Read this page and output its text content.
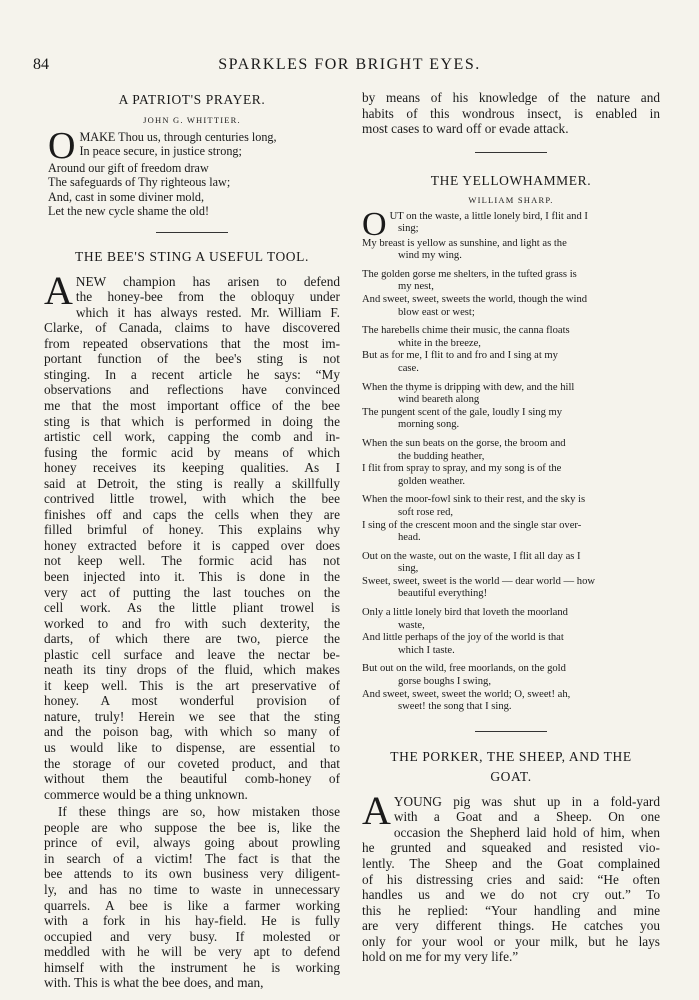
84	SPARKLES FOR BRIGHT EYES.
A PATRIOT'S PRAYER.
JOHN G. WHITTIER.
O MAKE Thou us, through centuries long,
In peace secure, in justice strong;
Around our gift of freedom draw
The safeguards of Thy righteous law;
And, cast in some diviner mold,
Let the new cycle shame the old!
THE BEE'S STING A USEFUL TOOL.
A NEW champion has arisen to defend
the honey-bee from the obloquy under
which it has always rested. Mr. William F.
Clarke, of Canada, claims to have discovered
from repeated observations that the most im-
portant function of the bee's sting is not
stinging. In a recent article he says: “My
observations and reflections have convinced
me that the most important office of the bee
sting is that which is performed in doing the
artistic cell work, capping the comb and in-
fusing the formic acid by means of which
honey receives its keeping qualities. As I
said at Detroit, the sting is really a skillfully
contrived little trowel, with which the bee
finishes off and caps the cells when they are
filled brimful of honey. This explains why
honey extracted before it is capped over does
not keep well. The formic acid has not
been injected into it. This is done in the
very act of putting the last touches on the
cell work. As the little pliant trowel is
worked to and fro with such dexterity, the
darts, of which there are two, pierce the
plastic cell surface and leave the nectar be-
neath its tiny drops of the fluid, which makes
it keep well. This is the art preservative of
honey. A most wonderful provision of
nature, truly! Herein we see that the sting
and the poison bag, with which so many of
us would like to dispense, are essential to
the storage of our coveted product, and that
without them the beautiful comb-honey of
commerce would be a thing unknown.
If these things are so, how mistaken those
people are who suppose the bee is, like the
prince of evil, always going about prowling
in search of a victim! The fact is that the
bee attends to its own business very diligent-
ly, and has no time to waste in unnecessary
quarrels. A bee is like a farmer working
with a fork in his hay-field. He is fully
occupied and very busy. If molested or
meddled with he will be very apt to defend
himself with the instrument he is working
with. This is what the bee does, and man,
by means of his knowledge of the nature and
habits of this wondrous insect, is enabled in
most cases to ward off or evade attack.
THE YELLOWHAMMER.
WILLIAM SHARP.
O UT on the waste, a little lonely bird, I flit and I
sing;
My breast is yellow as sunshine, and light as the
wind my wing.
The golden gorse me shelters, in the tufted grass is
my nest,
And sweet, sweet, sweets the world, though the wind
blow east or west;
The harebells chime their music, the canna floats
white in the breeze,
But as for me, I flit to and fro and I sing at my
case.
When the thyme is dripping with dew, and the hill
wind beareth along
The pungent scent of the gale, loudly I sing my
morning song.
When the sun beats on the gorse, the broom and
the budding heather,
I flit from spray to spray, and my song is of the
golden weather.
When the moor-fowl sink to their rest, and the sky is
soft rose red,
I sing of the crescent moon and the single star over-
head.
Out on the waste, out on the waste, I flit all day as I
sing,
Sweet, sweet, sweet is the world — dear world — how
beautiful everything!
Only a little lonely bird that loveth the moorland
waste,
And little perhaps of the joy of the world is that
which I taste.
But out on the wild, free moorlands, on the gold
gorse boughs I swing,
And sweet, sweet, sweet the world; O, sweet! ah,
sweet! the song that I sing.
THE PORKER, THE SHEEP, AND THE
GOAT.
A YOUNG pig was shut up in a fold-yard
with a Goat and a Sheep. On one
occasion the Shepherd laid hold of him, when
he grunted and squeaked and resisted vio-
lently. The Sheep and the Goat complained
of his distressing cries and said: “He often
handles us and we do not cry out.” To
this he replied: “Your handling and mine
are very different things. He catches you
only for your wool or your milk, but he lays
hold on me for my very life.”
